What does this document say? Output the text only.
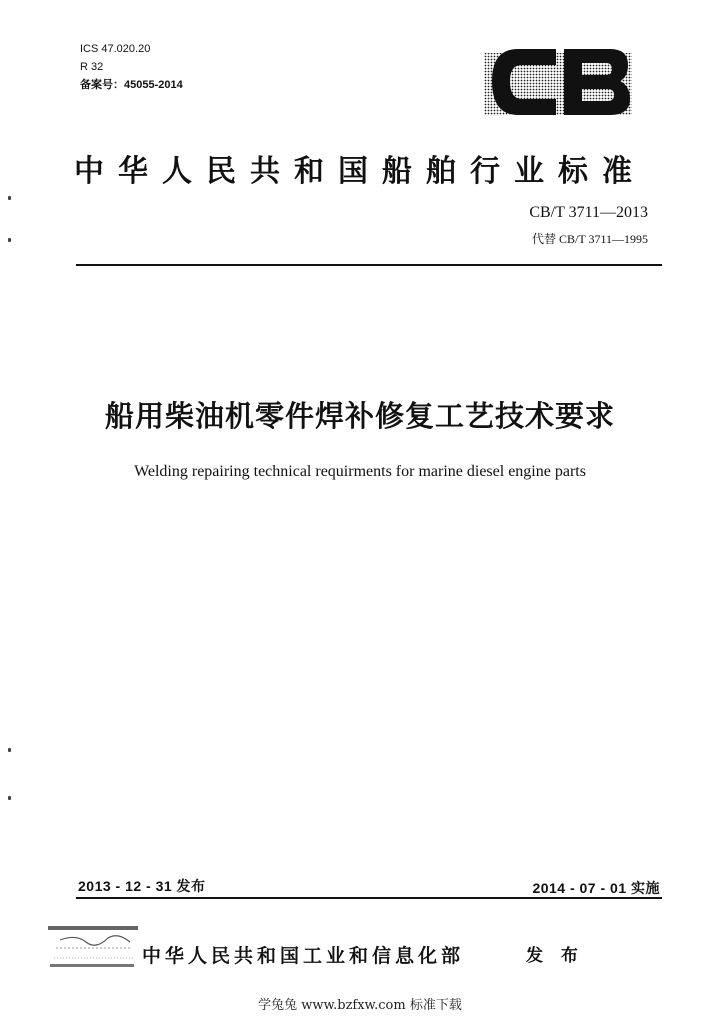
ICS 47.020.20
R 32
备案号：45055-2014
中华人民共和国船舶行业标准
CB/T 3711—2013
代替 CB/T 3711—1995
船用柴油机零件焊补修复工艺技术要求
Welding repairing technical requirments for marine diesel engine parts
2013 - 12 - 31 发布	2014 - 07 - 01 实施
中华人民共和国工业和信息化部	发 布
学兔兔 www.bzfxw.com 标准下载
